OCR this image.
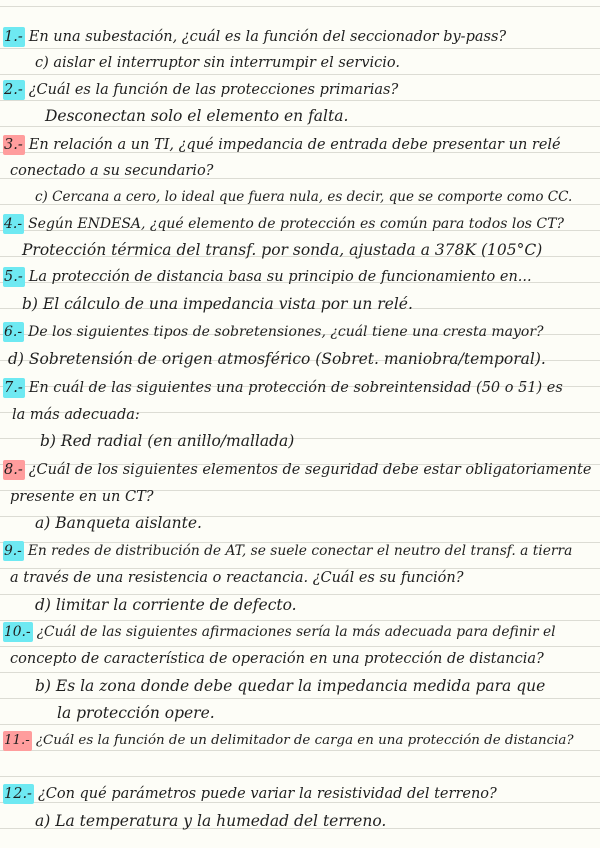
1.- En una subestación, ¿cuál es la función del seccionador by-pass?
c) aislar el interruptor sin interrumpir el servicio.
2.- ¿Cuál es la función de las protecciones primarias?
Desconectan solo el elemento en falta.
3.- En relación a un TI, ¿qué impedancia de entrada debe presentar un relé
conectado a su secundario?
c) Cercana a cero, lo ideal que fuera nula, es decir, que se comporte como CC.
4.- Según ENDESA, ¿qué elemento de protección es común para todos los CT?
Protección térmica del transf. por sonda, ajustada a 378K (105°C)
5.- La protección de distancia basa su principio de funcionamiento en...
b) El cálculo de una impedancia vista por un relé.
6.- De los siguientes tipos de sobretensiones, ¿cuál tiene una cresta mayor?
d) Sobretensión de origen atmosférico (Sobret. maniobra/temporal).
7.- En cuál de las siguientes una protección de sobreintensidad (50 o 51) es
la más adecuada:
b) Red radial (en anillo/mallada)
8.- ¿Cuál de los siguientes elementos de seguridad debe estar obligatoriamente
presente en un CT?
a) Banqueta aislante.
9.- En redes de distribución de AT, se suele conectar el neutro del transf. a tierra
a través de una resistencia o reactancia. ¿Cuál es su función?
d) limitar la corriente de defecto.
10.- ¿Cuál de las siguientes afirmaciones sería la más adecuada para definir el
concepto de característica de operación en una protección de distancia?
b) Es la zona donde debe quedar la impedancia medida para que
la protección opere.
11.- ¿Cuál es la función de un delimitador de carga en una protección de distancia?
12.- ¿Con qué parámetros puede variar la resistividad del terreno?
a) La temperatura y la humedad del terreno.
